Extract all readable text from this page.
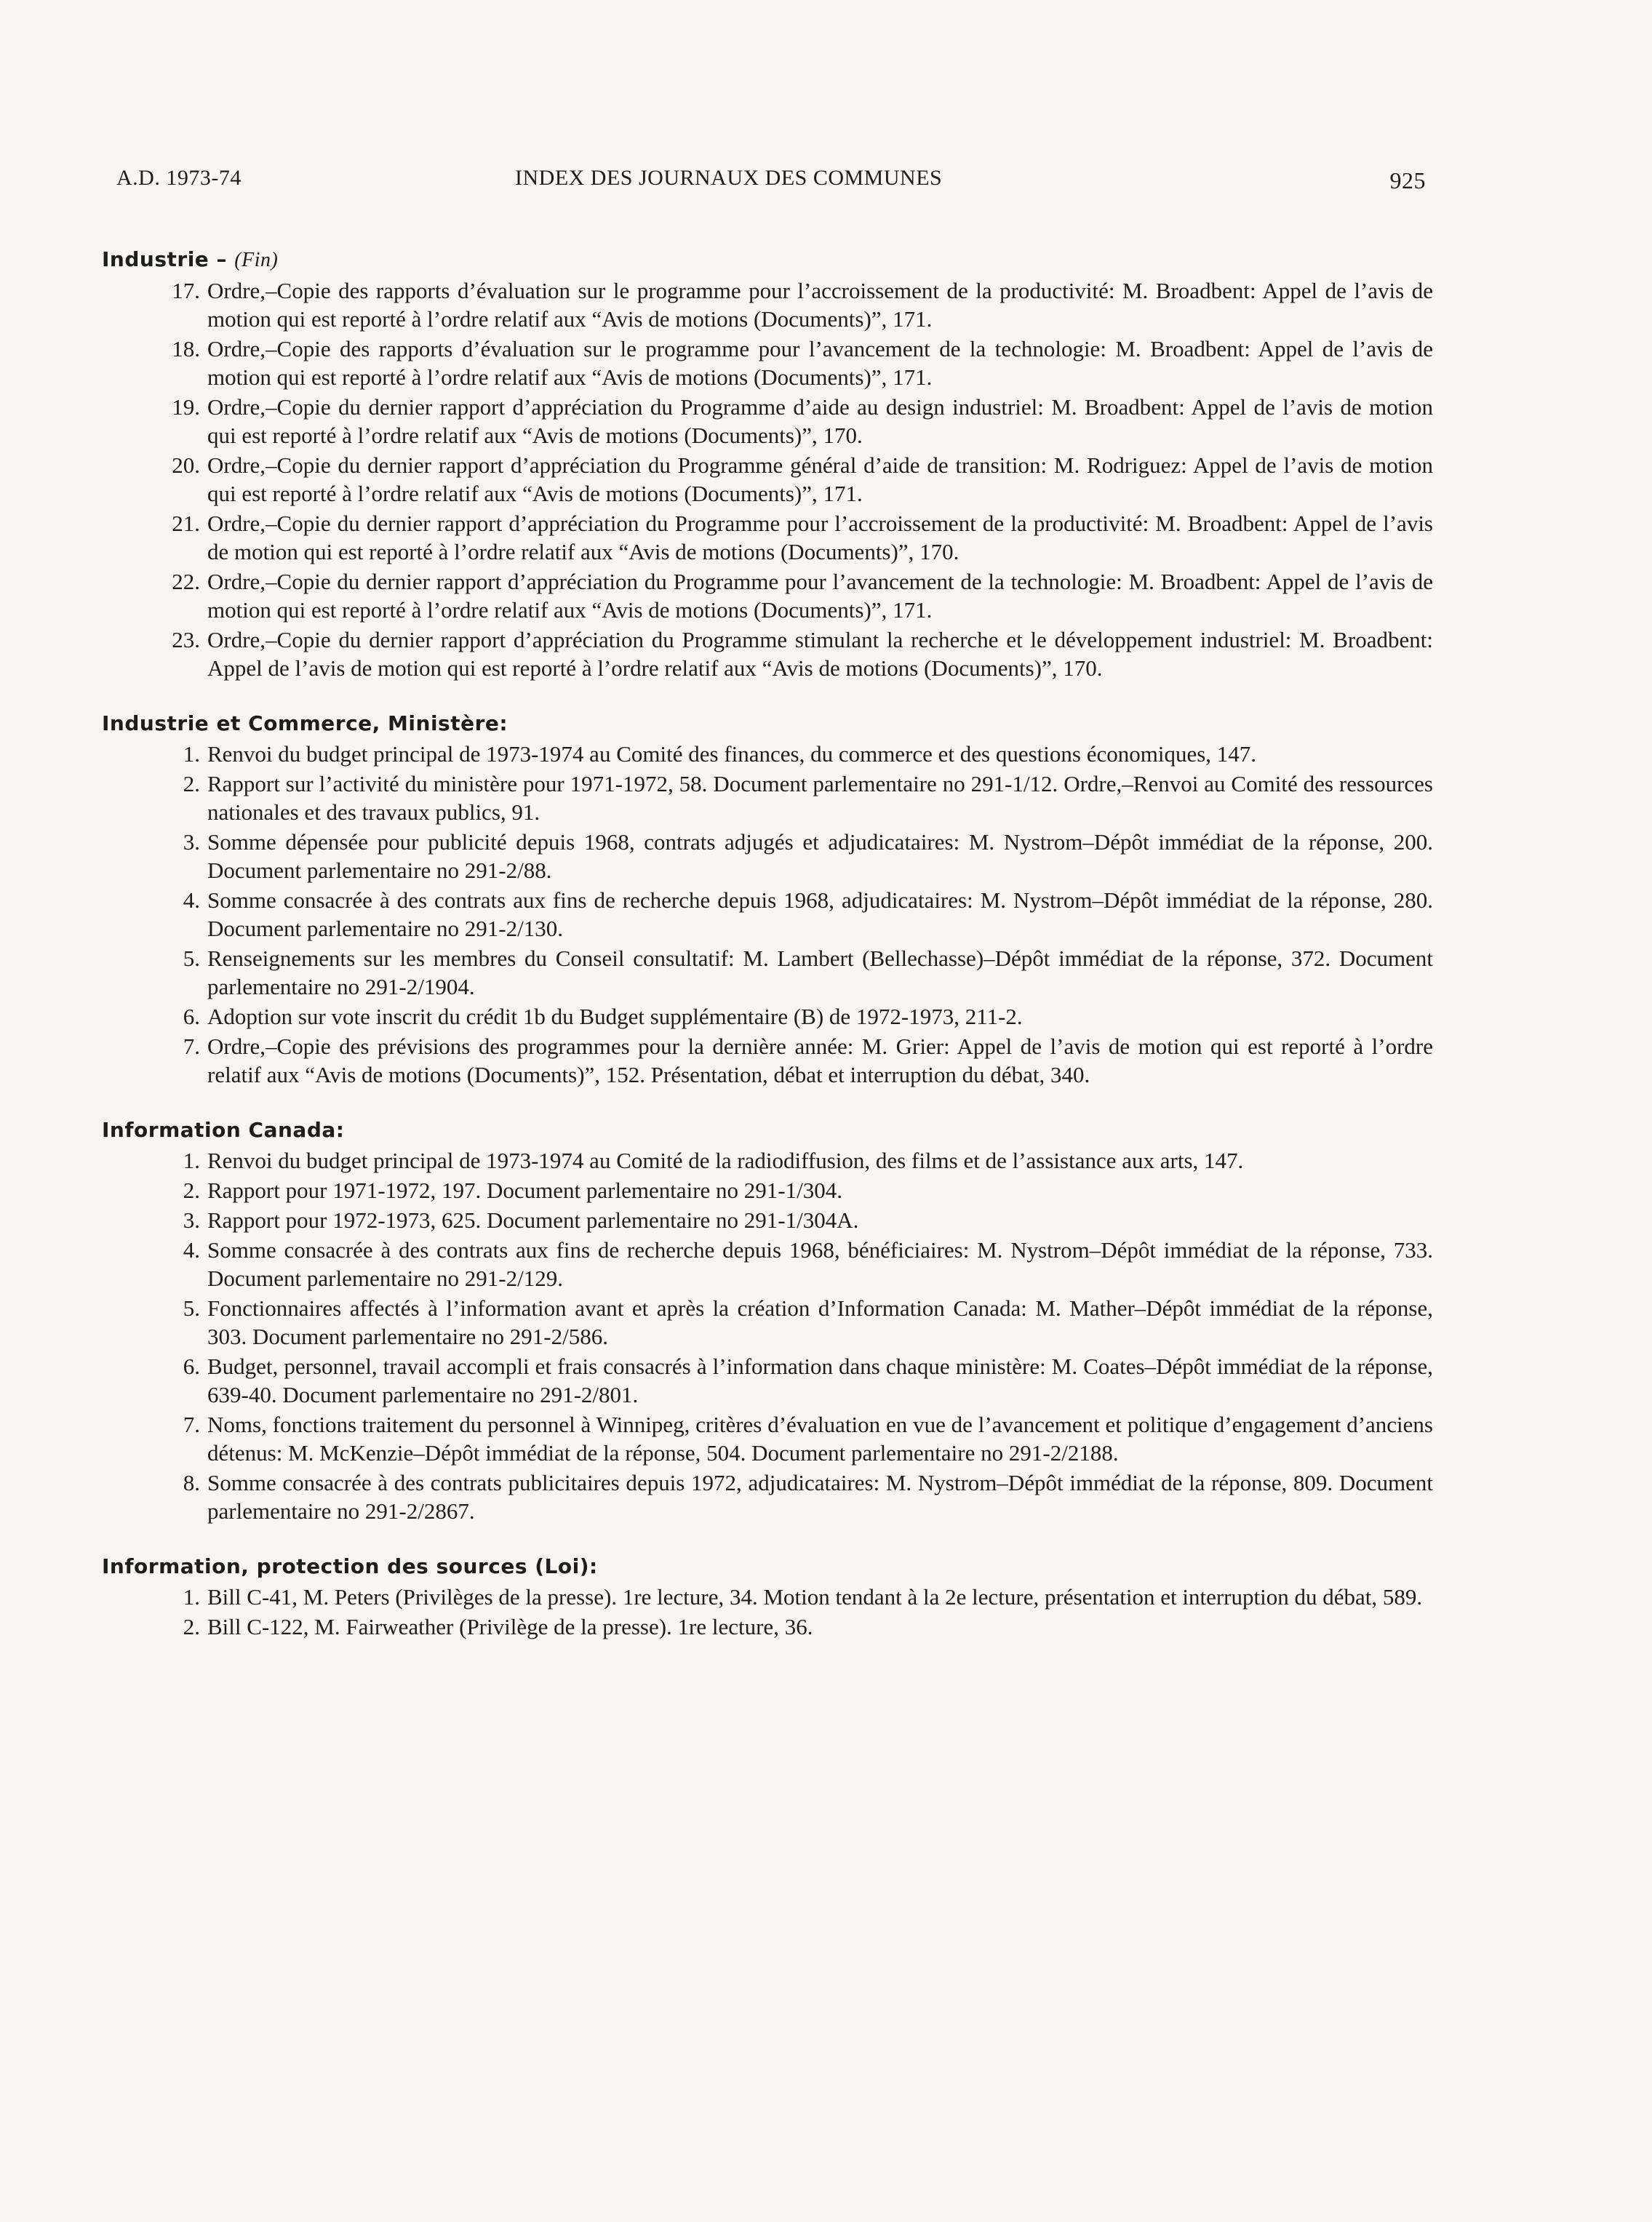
A.D. 1973-74	INDEX DES JOURNAUX DES COMMUNES	925
Industrie – (Fin)
17. Ordre,–Copie des rapports d’évaluation sur le programme pour l’accroissement de la productivité: M. Broadbent: Appel de l’avis de motion qui est reporté à l’ordre relatif aux “Avis de motions (Documents)”, 171.
18. Ordre,–Copie des rapports d’évaluation sur le programme pour l’avancement de la technologie: M. Broadbent: Appel de l’avis de motion qui est reporté à l’ordre relatif aux “Avis de motions (Documents)”, 171.
19. Ordre,–Copie du dernier rapport d’appréciation du Programme d’aide au design industriel: M. Broadbent: Appel de l’avis de motion qui est reporté à l’ordre relatif aux “Avis de motions (Documents)”, 170.
20. Ordre,–Copie du dernier rapport d’appréciation du Programme général d’aide de transition: M. Rodriguez: Appel de l’avis de motion qui est reporté à l’ordre relatif aux “Avis de motions (Documents)”, 171.
21. Ordre,–Copie du dernier rapport d’appréciation du Programme pour l’accroissement de la productivité: M. Broadbent: Appel de l’avis de motion qui est reporté à l’ordre relatif aux “Avis de motions (Documents)”, 170.
22. Ordre,–Copie du dernier rapport d’appréciation du Programme pour l’avancement de la technologie: M. Broadbent: Appel de l’avis de motion qui est reporté à l’ordre relatif aux “Avis de motions (Documents)”, 171.
23. Ordre,–Copie du dernier rapport d’appréciation du Programme stimulant la recherche et le développement industriel: M. Broadbent: Appel de l’avis de motion qui est reporté à l’ordre relatif aux “Avis de motions (Documents)”, 170.
Industrie et Commerce, Ministère:
1. Renvoi du budget principal de 1973-1974 au Comité des finances, du commerce et des questions économiques, 147.
2. Rapport sur l’activité du ministère pour 1971-1972, 58. Document parlementaire no 291-1/12. Ordre,–Renvoi au Comité des ressources nationales et des travaux publics, 91.
3. Somme dépensée pour publicité depuis 1968, contrats adjugés et adjudicataires: M. Nystrom–Dépôt immédiat de la réponse, 200. Document parlementaire no 291-2/88.
4. Somme consacrée à des contrats aux fins de recherche depuis 1968, adjudicataires: M. Nystrom–Dépôt immédiat de la réponse, 280. Document parlementaire no 291-2/130.
5. Renseignements sur les membres du Conseil consultatif: M. Lambert (Bellechasse)–Dépôt immédiat de la réponse, 372. Document parlementaire no 291-2/1904.
6. Adoption sur vote inscrit du crédit 1b du Budget supplémentaire (B) de 1972-1973, 211-2.
7. Ordre,–Copie des prévisions des programmes pour la dernière année: M. Grier: Appel de l’avis de motion qui est reporté à l’ordre relatif aux “Avis de motions (Documents)”, 152. Présentation, débat et interruption du débat, 340.
Information Canada:
1. Renvoi du budget principal de 1973-1974 au Comité de la radiodiffusion, des films et de l’assistance aux arts, 147.
2. Rapport pour 1971-1972, 197. Document parlementaire no 291-1/304.
3. Rapport pour 1972-1973, 625. Document parlementaire no 291-1/304A.
4. Somme consacrée à des contrats aux fins de recherche depuis 1968, bénéficiaires: M. Nystrom–Dépôt immédiat de la réponse, 733. Document parlementaire no 291-2/129.
5. Fonctionnaires affectés à l’information avant et après la création d’Information Canada: M. Mather–Dépôt immédiat de la réponse, 303. Document parlementaire no 291-2/586.
6. Budget, personnel, travail accompli et frais consacrés à l’information dans chaque ministère: M. Coates–Dépôt immédiat de la réponse, 639-40. Document parlementaire no 291-2/801.
7. Noms, fonctions traitement du personnel à Winnipeg, critères d’évaluation en vue de l’avancement et politique d’engagement d’anciens détenus: M. McKenzie–Dépôt immédiat de la réponse, 504. Document parlementaire no 291-2/2188.
8. Somme consacrée à des contrats publicitaires depuis 1972, adjudicataires: M. Nystrom–Dépôt immédiat de la réponse, 809. Document parlementaire no 291-2/2867.
Information, protection des sources (Loi):
1. Bill C-41, M. Peters (Privilèges de la presse). 1re lecture, 34. Motion tendant à la 2e lecture, présentation et interruption du débat, 589.
2. Bill C-122, M. Fairweather (Privilège de la presse). 1re lecture, 36.
